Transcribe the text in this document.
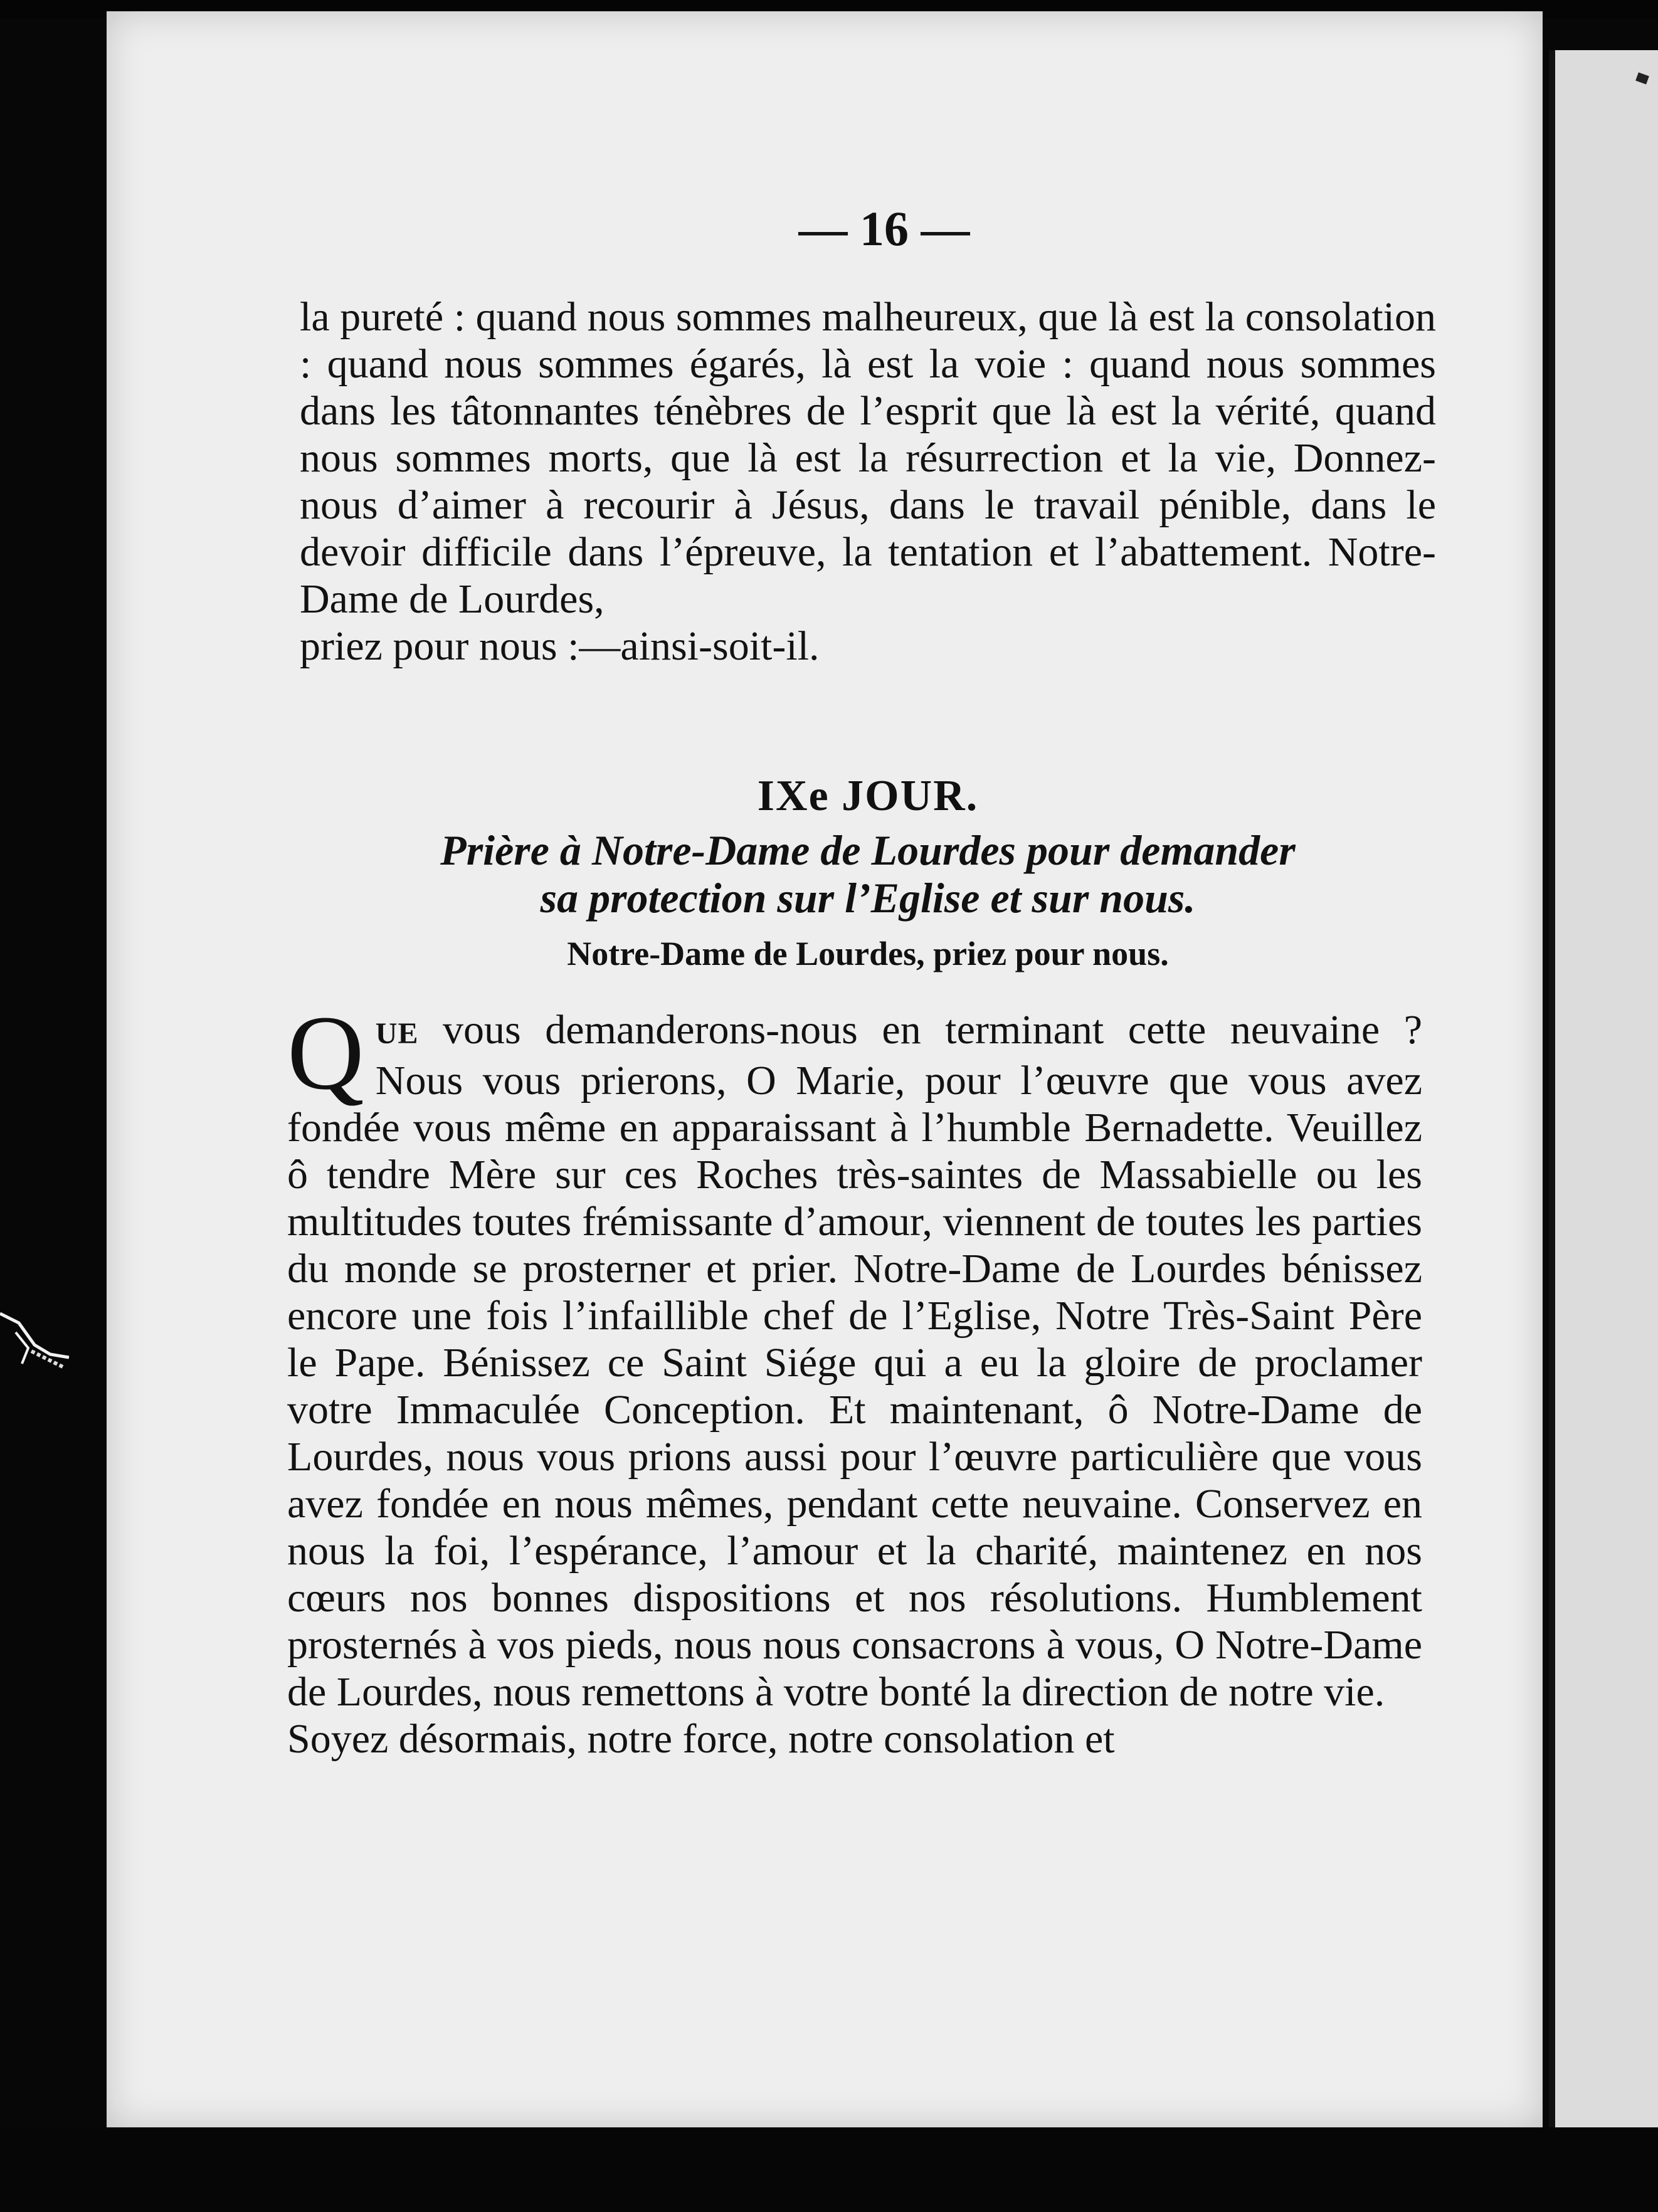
— 16 —

la pureté : quand nous sommes malheureux, que là est la consolation : quand nous sommes égarés, là est la voie : quand nous sommes dans les tâtonnantes ténèbres de l’esprit que là est la vérité, quand nous sommes morts, que là est la résurrection et la vie, Donnez-nous d’aimer à recourir à Jésus, dans le travail pénible, dans le devoir difficile dans l’épreuve, la tentation et l’abattement. Notre-Dame de Lourdes,
priez pour nous :—ainsi-soit-il.

IXe JOUR.
Prière à Notre-Dame de Lourdes pour demander
sa protection sur l’Eglise et sur nous.

Notre-Dame de Lourdes, priez pour nous.

QUE vous demanderons-nous en terminant cette neuvaine ? Nous vous prierons, O Marie, pour l’œuvre que vous avez fondée vous même en apparaissant à l’humble Bernadette. Veuillez ô tendre Mère sur ces Roches très-saintes de Massabielle ou les multitudes toutes frémissante d’amour, viennent de toutes les parties du monde se prosterner et prier. Notre-Dame de Lourdes bénissez encore une fois l’infaillible chef de l’Eglise, Notre Très-Saint Père le Pape. Bénissez ce Saint Siége qui a eu la gloire de proclamer votre Immaculée Conception. Et maintenant, ô Notre-Dame de Lourdes, nous vous prions aussi pour l’œuvre particulière que vous avez fondée en nous mêmes, pendant cette neuvaine. Conservez en nous la foi, l’espérance, l’amour et la charité, maintenez en nos cœurs nos bonnes dispositions et nos résolutions. Humblement prosternés à vos pieds, nous nous consacrons à vous, O Notre-Dame de Lourdes, nous remettons à votre bonté la direction de notre vie.
Soyez désormais, notre force, notre consolation et
